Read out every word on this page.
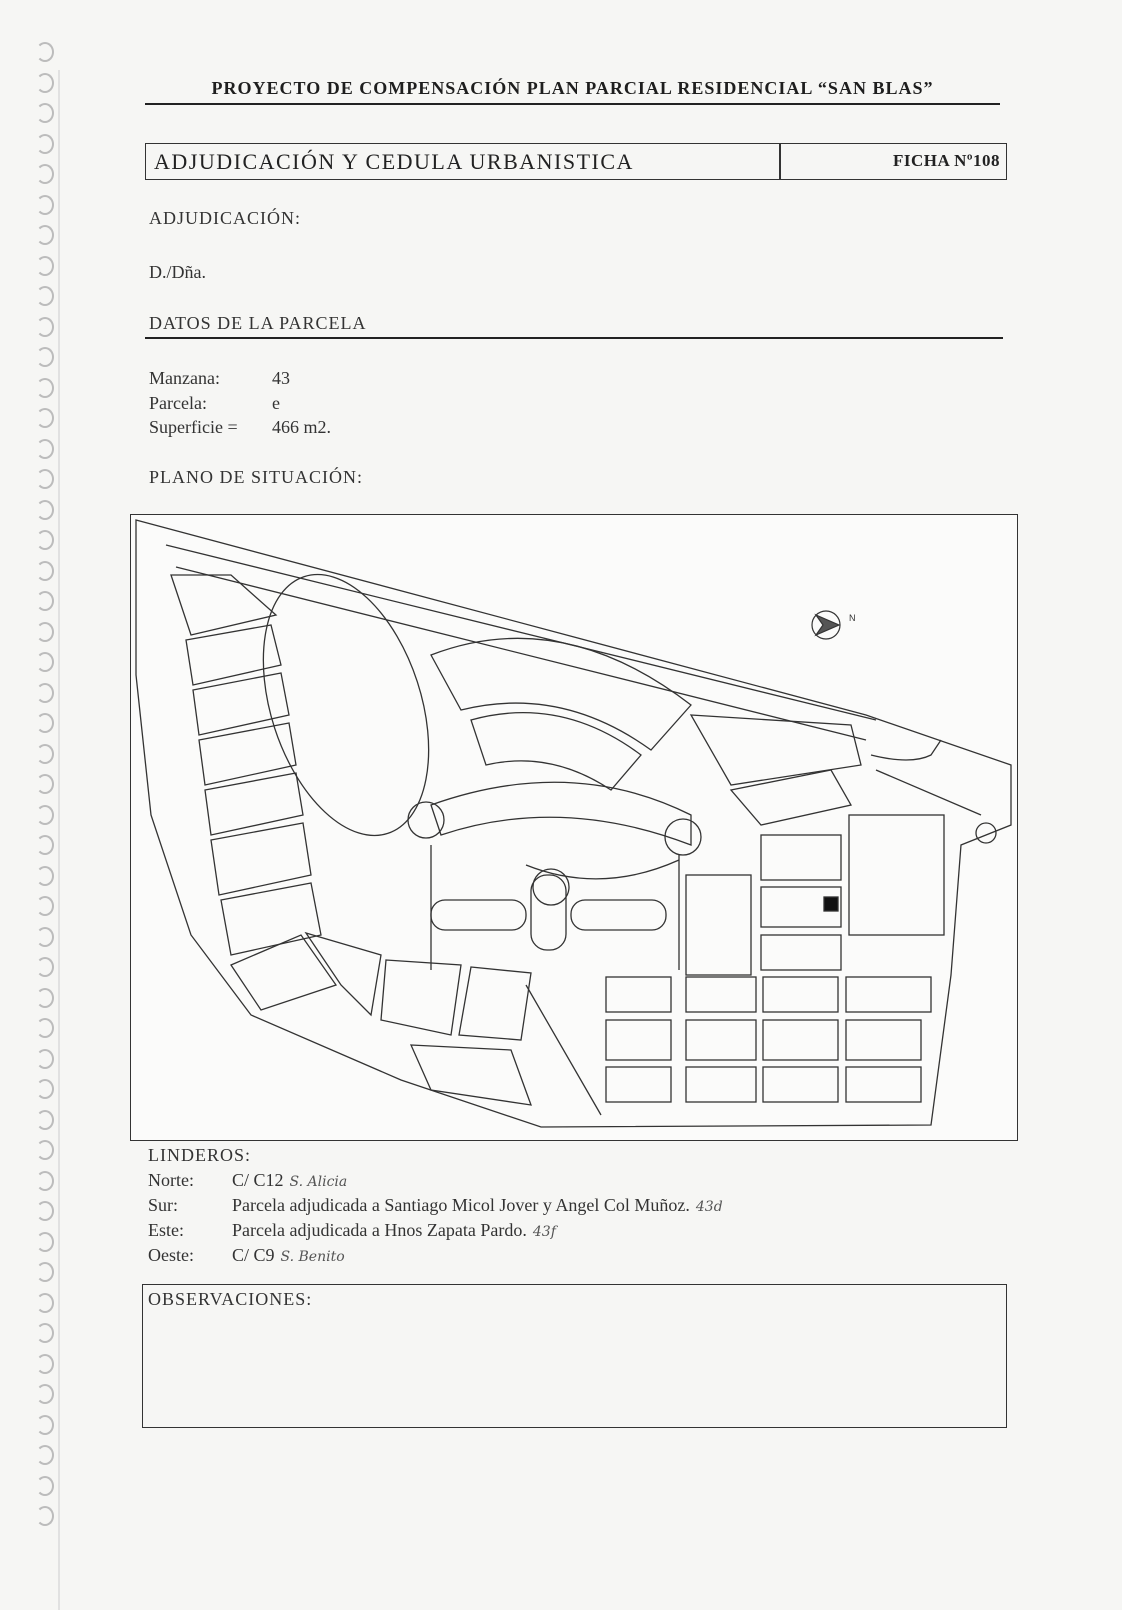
PROYECTO DE COMPENSACIÓN PLAN PARCIAL RESIDENCIAL “SAN BLAS”
ADJUDICACIÓN Y CEDULA URBANISTICA	FICHA Nº108
ADJUDICACIÓN:
D./Dña.
DATOS DE LA PARCELA
Manzana:	43
Parcela:	e
Superficie = 466 m2.
PLANO DE SITUACIÓN:
N
LINDEROS:
Norte: C/ C12 S. Alicia
Sur:	Parcela adjudicada a Santiago Micol Jover y Angel Col Muñoz. 43d
Este:	Parcela adjudicada a Hnos Zapata Pardo. 43f
Oeste: C/ C9 S. Benito
OBSERVACIONES:
